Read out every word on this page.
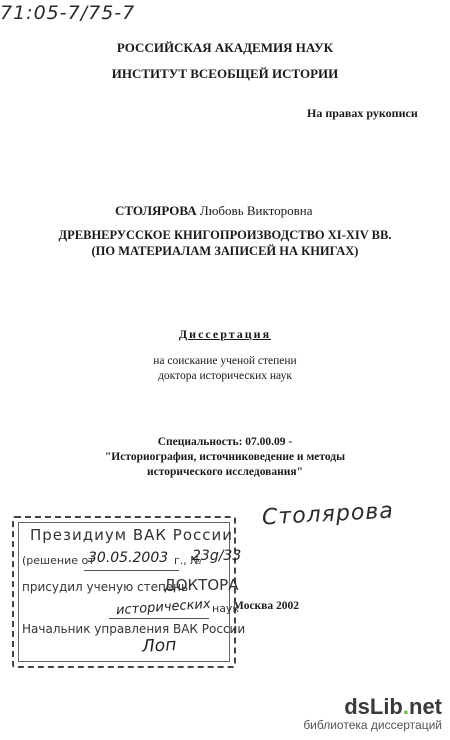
71:05-7/75-7
РОССИЙСКАЯ АКАДЕМИЯ НАУК
ИНСТИТУТ ВСЕОБЩЕЙ ИСТОРИИ
На правах рукописи
СТОЛЯРОВА Любовь Викторовна
ДРЕВНЕРУССКОЕ КНИГОПРОИЗВОДСТВО XI-XIV ВВ.
(ПО МАТЕРИАЛАМ ЗАПИСЕЙ НА КНИГАХ)
Диссертация
на соискание ученой степени
доктора исторических наук
Специальность: 07.00.09 -
"Историография, источниковедение и методы
исторического исследования"
Столярова
Москва 2002
Президиум ВАК России
(решение от
30.05.2003 г., №
23g/33
присудил ученую степень
ДОКТОРА
исторических наук
Начальник управления ВАК России
Лоп
dsLib.net
библиотека диссертаций
